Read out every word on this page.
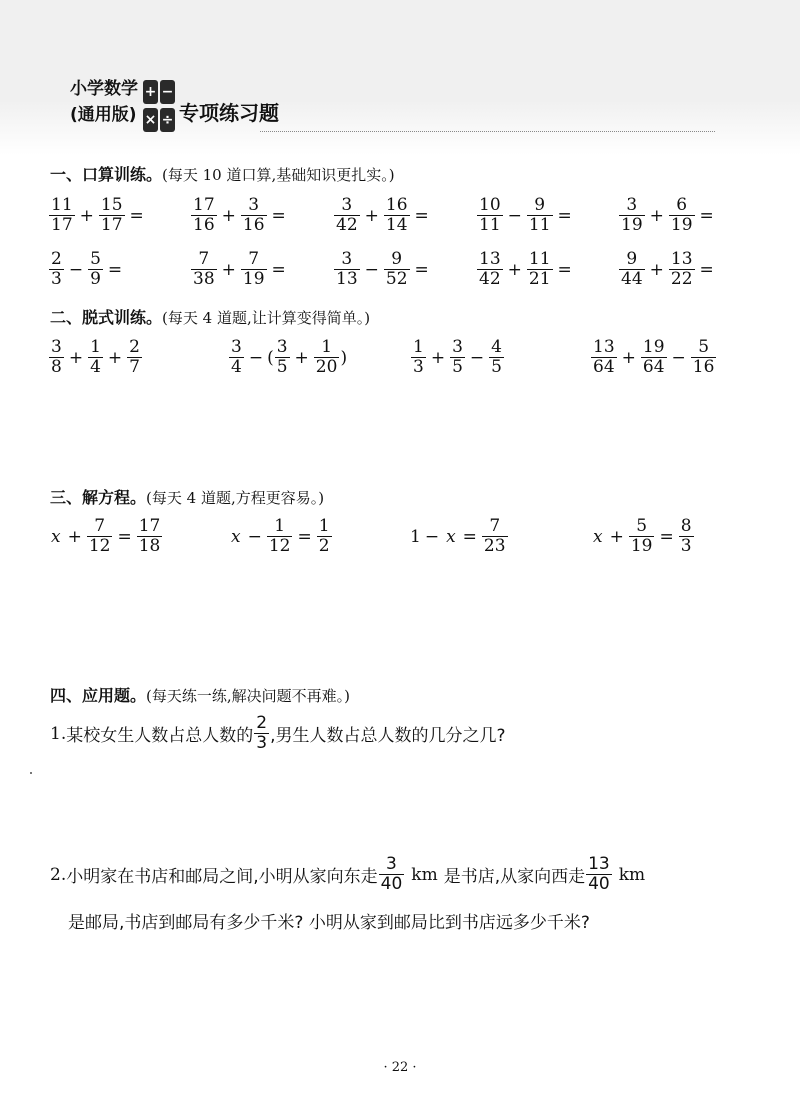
小学数学
(通用版)
+ −
× ÷ 专项练习题
一、口算训练。(每天 10 道口算,基础知识更扎实。)
$\frac{11}{17} + \frac{15}{17}$ =	$\frac{17}{16} + \frac{3}{16}$ =	$\frac{3}{42} + \frac{16}{14}$ =	$\frac{10}{11} - \frac{9}{11}$ =	$\frac{3}{19} + \frac{6}{19}$ =
$\frac{2}{3} - \frac{5}{9}$ =	$\frac{7}{38} + \frac{7}{19}$ =	$\frac{3}{13} - \frac{9}{52}$ =	$\frac{13}{42} + \frac{11}{21}$ =	$\frac{9}{44} + \frac{13}{22}$ =
二、脱式训练。(每天 4 道题,让计算变得简单。)
$\frac{3}{8} + \frac{1}{4} + \frac{2}{7}$	$\frac{3}{4}$ − ( $\frac{3}{5} + \frac{1}{20}$ )	$\frac{1}{3} + \frac{3}{5} - \frac{4}{5}$	$\frac{13}{64} + \frac{19}{64} - \frac{5}{16}$
三、解方程。(每天 4 道题,方程更容易。)
$x + \frac{7}{12} = \frac{17}{18}$	$x - \frac{1}{12} = \frac{1}{2}$	$1 - x = \frac{7}{23}$	$x + \frac{5}{19} = \frac{8}{3}$
四、应用题。(每天练一练,解决问题不再难。)
1. 某校女生人数占总人数的 $\frac{2}{3}$ ,男生人数占总人数的几分之几?
2. 小明家在书店和邮局之间,小明从家向东走 $\frac{3}{40}$ km 是书店,从家向西走 $\frac{13}{40}$ km
是邮局,书店到邮局有多少千米? 小明从家到邮局比到书店远多少千米?
· 22 ·
